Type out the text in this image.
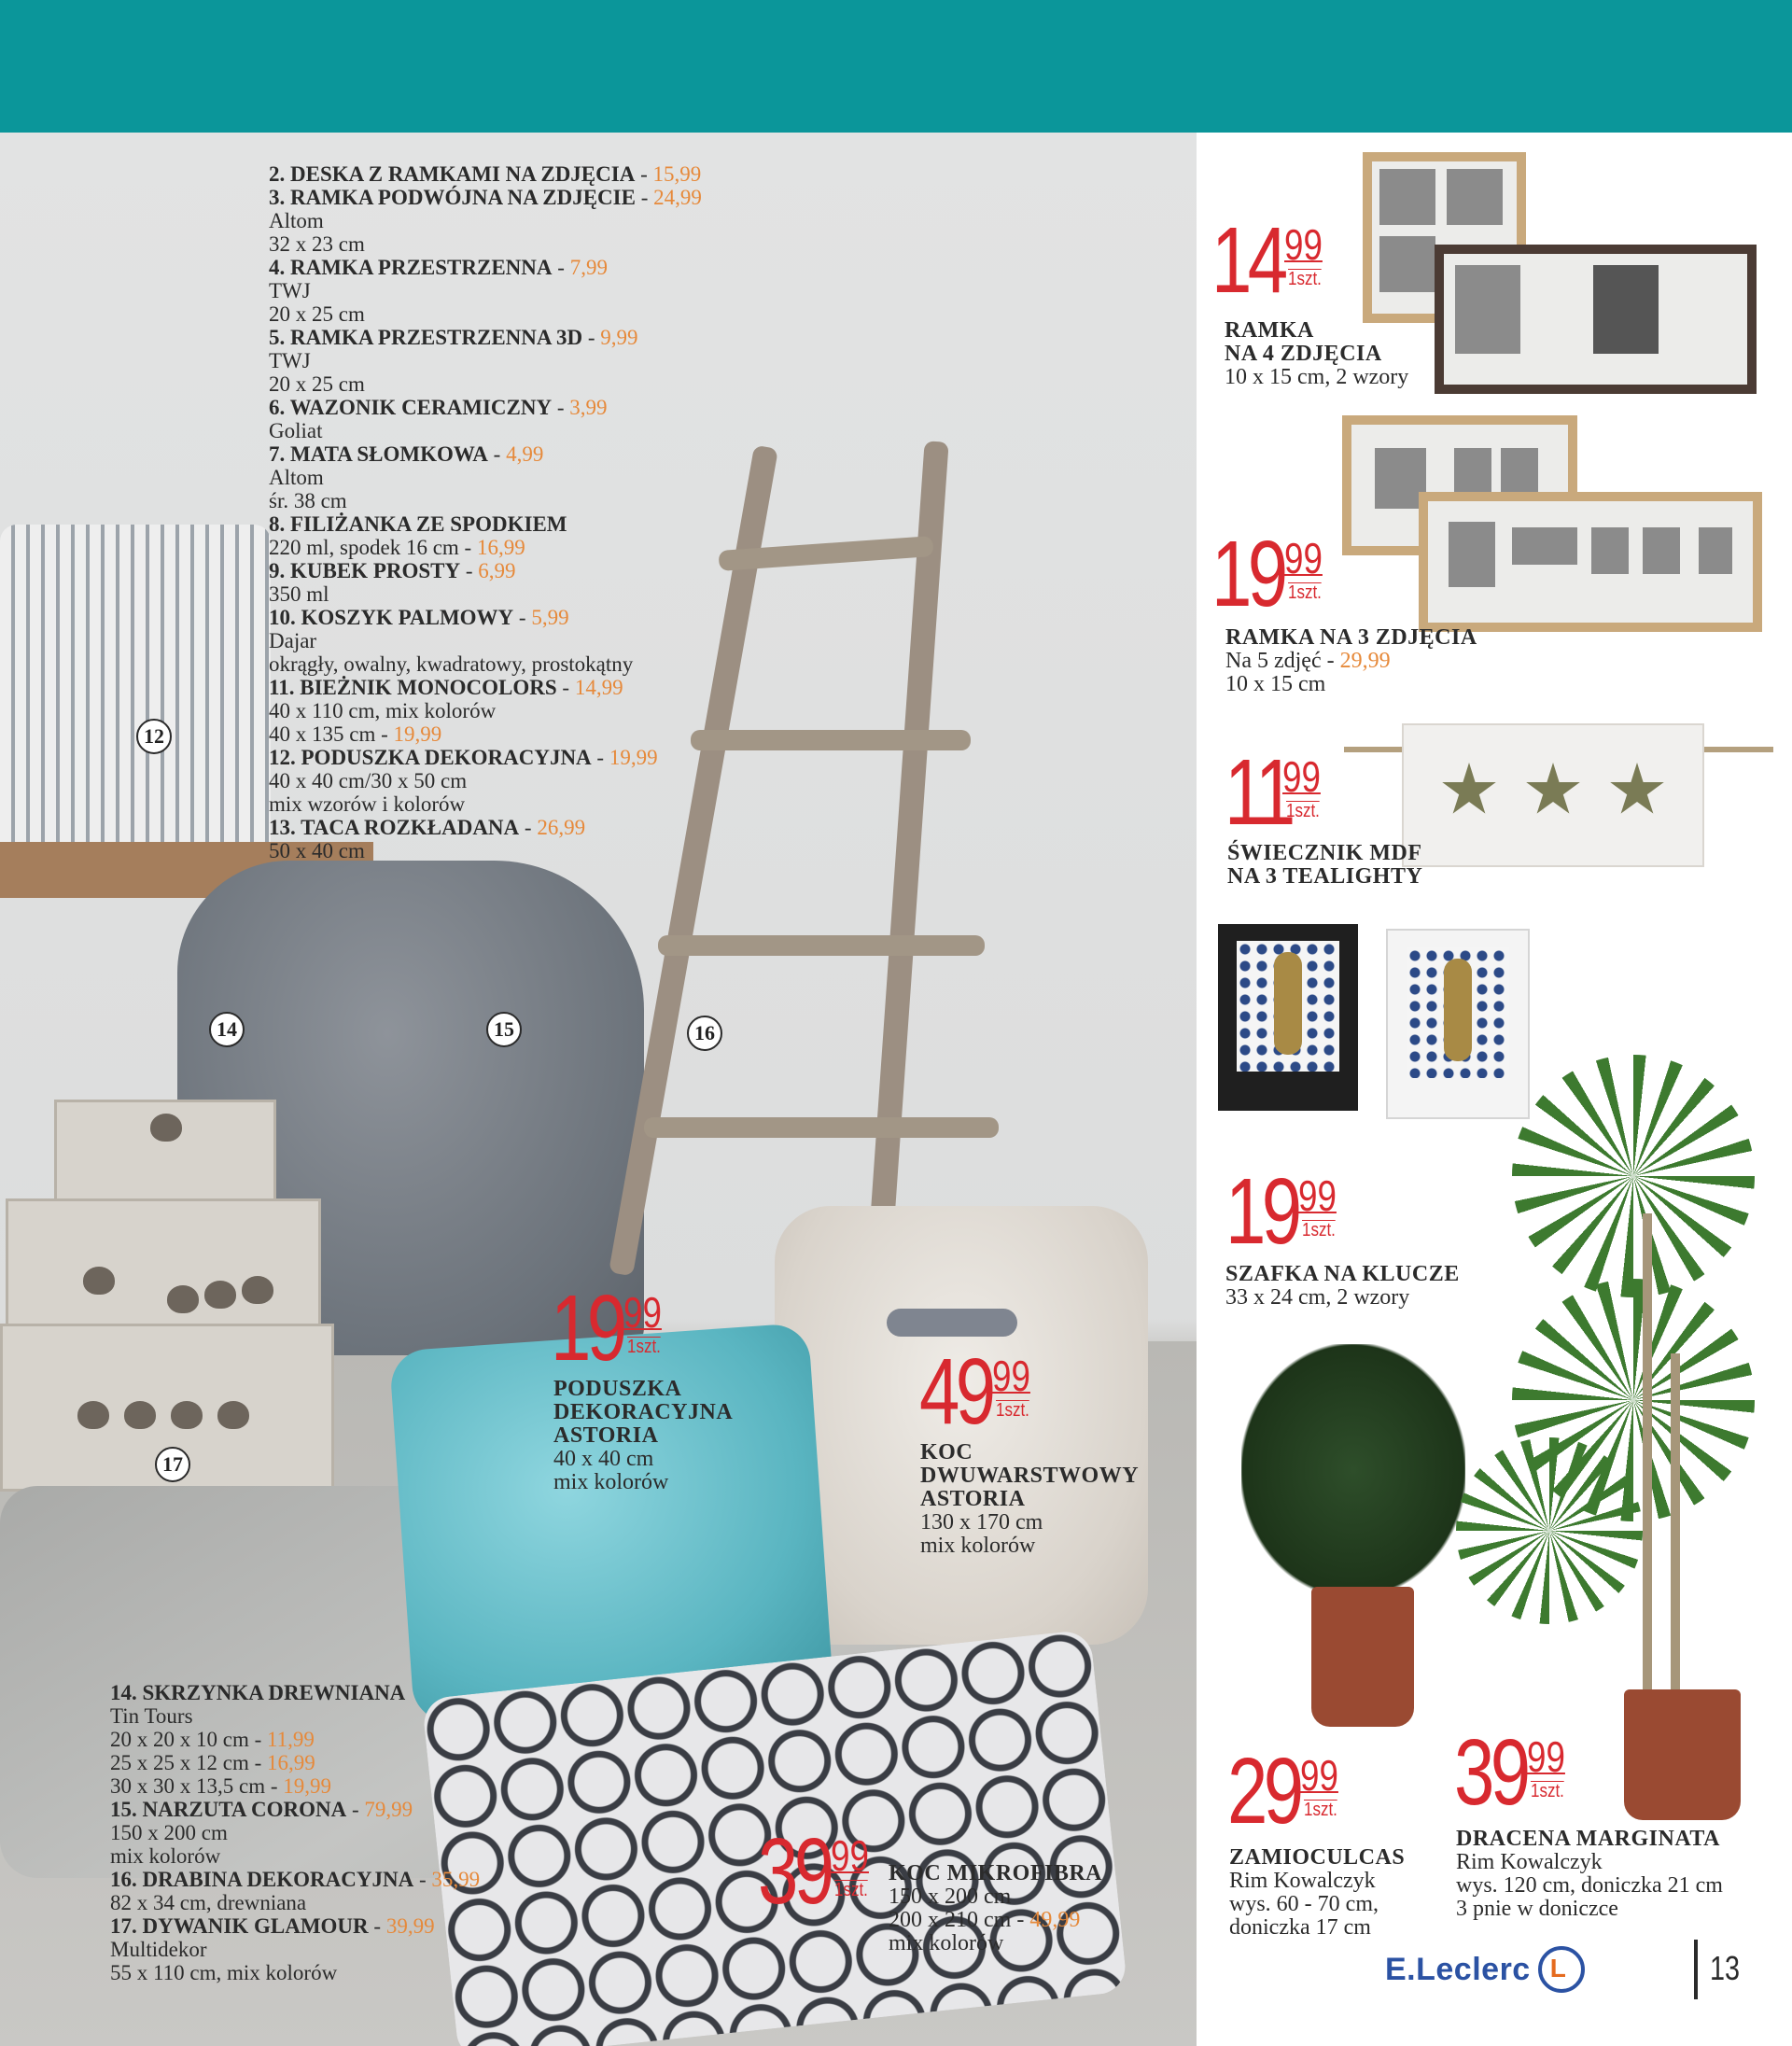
12
14	15	16
17
2. DESKA Z RAMKAMI NA ZDJĘCIA - 15,99
3. RAMKA PODWÓJNA NA ZDJĘCIE - 24,99
Altom
32 x 23 cm
4. RAMKA PRZESTRZENNA - 7,99
TWJ
20 x 25 cm
5. RAMKA PRZESTRZENNA 3D - 9,99
TWJ
20 x 25 cm
6. WAZONIK CERAMICZNY - 3,99
Goliat
7. MATA SŁOMKOWA - 4,99
Altom
śr. 38 cm
8. FILIŻANKA ZE SPODKIEM
220 ml, spodek 16 cm - 16,99
9. KUBEK PROSTY - 6,99
350 ml
10. KOSZYK PALMOWY - 5,99
Dajar
okrągły, owalny, kwadratowy, prostokątny
11. BIEŻNIK MONOCOLORS - 14,99
40 x 110 cm, mix kolorów
40 x 135 cm - 19,99
12. PODUSZKA DEKORACYJNA - 19,99
40 x 40 cm/30 x 50 cm
mix wzorów i kolorów
13. TACA ROZKŁADANA - 26,99
50 x 40 cm
14. SKRZYNKA DREWNIANA
Tin Tours
20 x 20 x 10 cm - 11,99
25 x 25 x 12 cm - 16,99
30 x 30 x 13,5 cm - 19,99
15. NARZUTA CORONA - 79,99
150 x 200 cm
mix kolorów
16. DRABINA DEKORACYJNA - 35,99
82 x 34 cm, drewniana
17. DYWANIK GLAMOUR - 39,99
Multidekor
55 x 110 cm, mix kolorów
19 99
1szt.
PODUSZKA
DEKORACYJNA
ASTORIA
40 x 40 cm
mix kolorów
49 99
1szt.
KOC
DWUWARSTWOWY
ASTORIA
130 x 170 cm
mix kolorów
39 99
1szt.
KOC MIKROFIBRA
150 x 200 cm
200 x 210 cm - 49,99
mix kolorów
14 99
1szt.
RAMKA
NA 4 ZDJĘCIA
10 x 15 cm, 2 wzory
19 99
1szt.
RAMKA NA 3 ZDJĘCIA
Na 5 zdjęć - 29,99
10 x 15 cm
11
99
1szt.
ŚWIECZNIK MDF
NA 3 TEALIGHTY
19 99
1szt.
SZAFKA NA KLUCZE
33 x 24 cm, 2 wzory
29 99
1szt.
ZAMIOCULCAS
Rim Kowalczyk
wys. 60 - 70 cm,
doniczka 17 cm
39 99
1szt.
DRACENA MARGINATA
Rim Kowalczyk
wys. 120 cm, doniczka 21 cm
3 pnie w doniczce
E.Leclerc L	13
